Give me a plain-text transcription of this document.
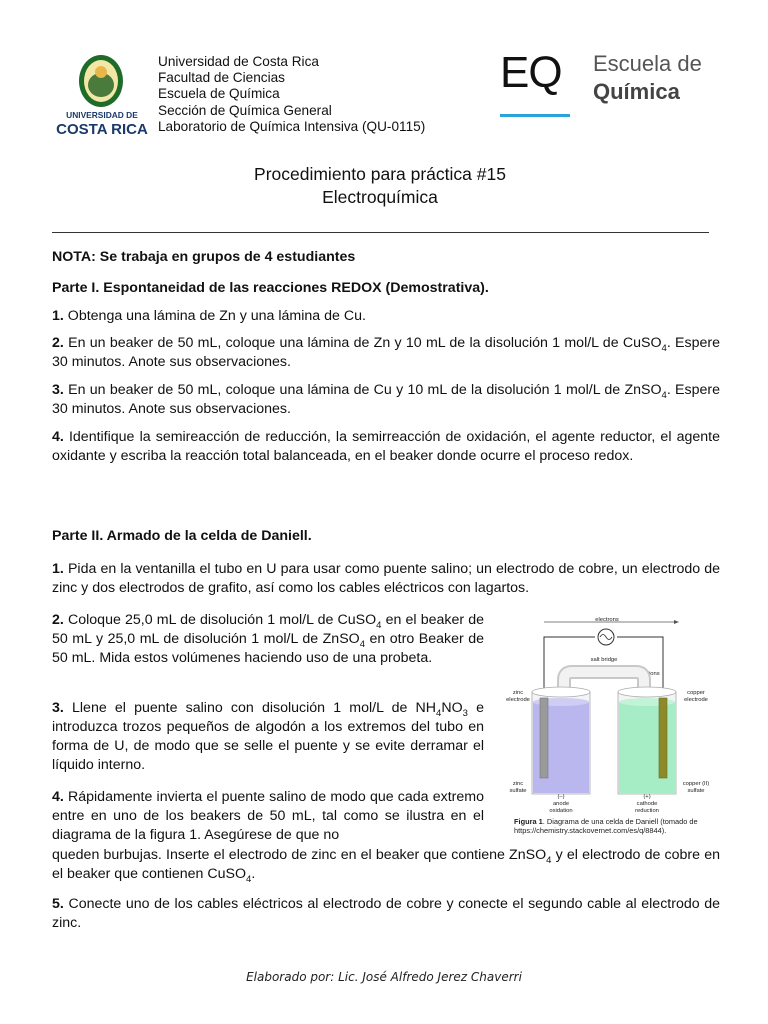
UNIVERSIDAD DE
COSTA RICA
Universidad de Costa Rica
Facultad de Ciencias
Escuela de Química
Sección de Química General
Laboratorio de Química Intensiva (QU-0115)
EQ Escuela de
Química
Procedimiento para práctica #15
Electroquímica
NOTA: Se trabaja en grupos de 4 estudiantes
Parte I. Espontaneidad de las reacciones REDOX (Demostrativa).
1. Obtenga una lámina de Zn y una lámina de Cu.
2. En un beaker de 50 mL, coloque una lámina de Zn y 10 mL de la disolución 1 mol/L de CuSO$_4$. Espere 30 minutos. Anote sus observaciones.
3. En un beaker de 50 mL, coloque una lámina de Cu y 10 mL de la disolución 1 mol/L de ZnSO$_4$. Espere 30 minutos. Anote sus observaciones.
4. Identifique la semireacción de reducción, la semirreacción de oxidación, el agente reductor, el agente oxidante y escriba la reacción total balanceada, en el beaker donde ocurre el proceso redox.
Parte II. Armado de la celda de Daniell.
1. Pida en la ventanilla el tubo en U para usar como puente salino; un electrodo de cobre, un electrodo de zinc y dos electrodos de grafito, así como los cables eléctricos con lagartos.
2. Coloque 25,0 mL de disolución 1 mol/L de CuSO$_4$ en el beaker de 50 mL y 25,0 mL de disolución 1 mol/L de ZnSO$_4$ en otro Beaker de 50 mL. Mida estos volúmenes haciendo uso de una probeta.
3. Llene el puente salino con disolución 1 mol/L de $NH_4NO_3$ e introduzca trozos pequeños de algodón a los extremos del tubo en forma de U, de modo que se selle el puente y se evite derramar el líquido interno.
4. Rápidamente invierta el puente salino de modo que cada extremo entre en uno de los beakers de 50 mL, tal como se ilustra en el diagrama de la figura 1. Asegúrese de que no
queden burbujas. Inserte el electrodo de zinc en el beaker que contiene ZnSO$_4$ y el electrodo de cobre en el beaker que contienen CuSO$_4$.
5. Conecte uno de los cables eléctricos al electrodo de cobre y conecte el segundo cable al electrodo de zinc.
electrons
salt bridge
zinc ions	sulfate ions
zinc
electrode
copper
electrode
zinc
sulfate
copper (II)
sulfate
(–)
anode
oxidation
(+)
cathode
reduction
Figura 1. Diagrama de una celda de Daniell (tomado de
https://chemistry.stackovernet.com/es/q/8844).
Elaborado por: Lic. José Alfredo Jerez Chaverri
